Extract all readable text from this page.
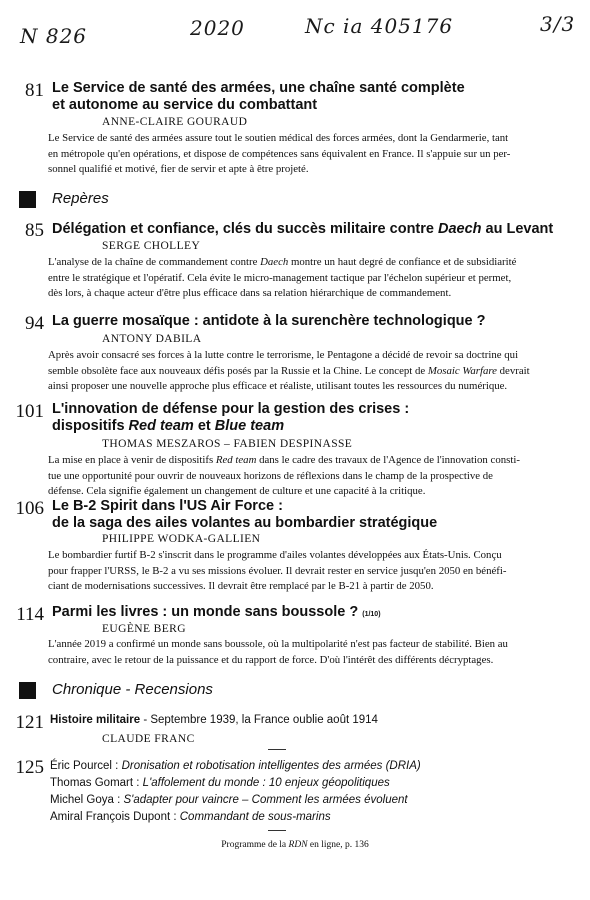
N 826	2020	Nc ia 405176	3/3
81 Le Service de santé des armées, une chaîne santé complète
et autonome au service du combattant
ANNE-CLAIRE GOURAUD
Le Service de santé des armées assure tout le soutien médical des forces armées, dont la Gendarmerie, tant
en métropole qu'en opérations, et dispose de compétences sans équivalent en France. Il s'appuie sur un per-
sonnel qualifié et motivé, fier de servir et apte à être projeté.
Repères
85 Délégation et confiance, clés du succès militaire contre Daech au Levant
SERGE CHOLLEY
L'analyse de la chaîne de commandement contre Daech montre un haut degré de confiance et de subsidiarité
entre le stratégique et l'opératif. Cela évite le micro-management tactique par l'échelon supérieur et permet,
dès lors, à chaque acteur d'être plus efficace dans sa relation hiérarchique de commandement.
94 La guerre mosaïque : antidote à la surenchère technologique ?
ANTONY DABILA
Après avoir consacré ses forces à la lutte contre le terrorisme, le Pentagone a décidé de revoir sa doctrine qui
semble obsolète face aux nouveaux défis posés par la Russie et la Chine. Le concept de Mosaic Warfare devrait
ainsi proposer une nouvelle approche plus efficace et réaliste, utilisant toutes les ressources du numérique.
101 L'innovation de défense pour la gestion des crises :
dispositifs Red team et Blue team
THOMAS MESZAROS – FABIEN DESPINASSE
La mise en place à venir de dispositifs Red team dans le cadre des travaux de l'Agence de l'innovation consti-
tue une opportunité pour ouvrir de nouveaux horizons de réflexions dans le champ de la prospective de
défense. Cela signifie également un changement de culture et une capacité à la critique.
106 Le B-2 Spirit dans l'US Air Force :
de la saga des ailes volantes au bombardier stratégique
PHILIPPE WODKA-GALLIEN
Le bombardier furtif B-2 s'inscrit dans le programme d'ailes volantes développées aux États-Unis. Conçu
pour frapper l'URSS, le B-2 a vu ses missions évoluer. Il devrait rester en service jusqu'en 2050 en bénéfi-
ciant de modernisations successives. Il devrait être remplacé par le B-21 à partir de 2050.
114 Parmi les livres : un monde sans boussole ? $^{(1/10)}$
EUGÈNE BERG
L'année 2019 a confirmé un monde sans boussole, où la multipolarité n'est pas facteur de stabilité. Bien au
contraire, avec le retour de la puissance et du rapport de force. D'où l'intérêt des différents décryptages.
Chronique - Recensions
121 Histoire militaire - Septembre 1939, la France oublie août 1914
CLAUDE FRANC
125 Éric Pourcel : Dronisation et robotisation intelligentes des armées (DRIA)
Thomas Gomart : L'affolement du monde : 10 enjeux géopolitiques
Michel Goya : S'adapter pour vaincre – Comment les armées évoluent
Amiral François Dupont : Commandant de sous-marins
Programme de la RDN en ligne, p. 136
